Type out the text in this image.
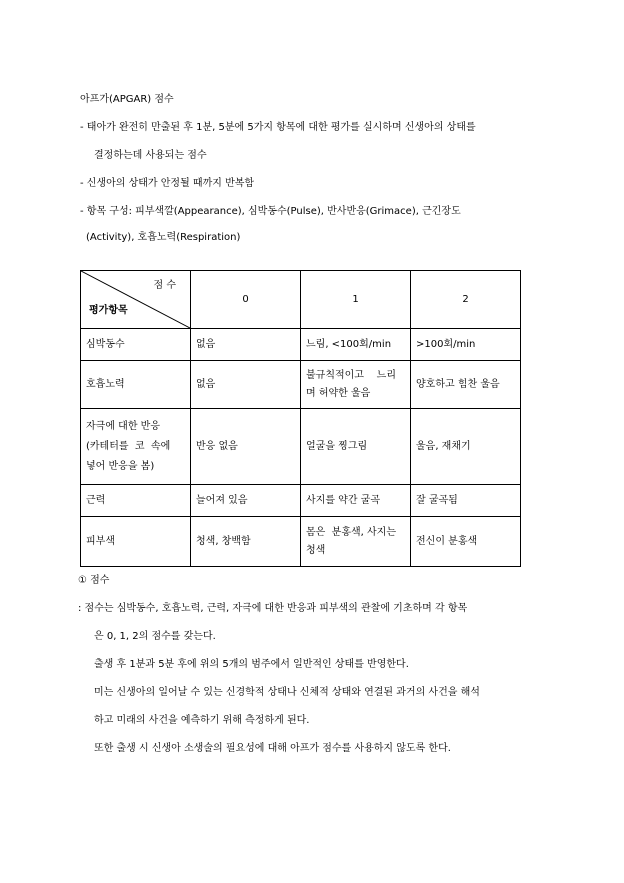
아프가(APGAR) 점수
- 태아가 완전히 만출된 후 1분, 5분에 5가지 항목에 대한 평가를 실시하며 신생아의 상태를
결정하는데 사용되는 점수
- 신생아의 상태가 안정될 때까지 반복함
- 항목 구성: 피부색깔(Appearance), 심박동수(Pulse), 반사반응(Grimace), 근긴장도
(Activity), 호흡노력(Respiration)
점 수
평가항목	0	1	2
심박동수	없음	느림, <100회/min	>100회/min
호흡노력	없음	불규칙적이고    느리
며 허약한 울음	양호하고 힘찬 울음

자극에 대한 반응
(카테터를  코  속에
넣어 반응을 봄)	반응 없음	얼굴을 찡그림	울음, 재채기
근력	늘어져 있음	사지를 약간 굴곡	잘 굴곡됨
피부색	청색, 창백함	몸은  분홍색, 사지는
청색	전신이 분홍색
① 점수
: 점수는 심박동수, 호흡노력, 근력, 자극에 대한 반응과 피부색의 관찰에 기초하며 각 항목
은 0, 1, 2의 점수를 갖는다.
출생 후 1분과 5분 후에 위의 5개의 범주에서 일반적인 상태를 반영한다.
미는 신생아의 일어날 수 있는 신경학적 상태나 신체적 상태와 연결된 과거의 사건을 해석
하고 미래의 사건을 예측하기 위해 측정하게 된다.
또한 출생 시 신생아 소생술의 필요성에 대해 아프가 점수를 사용하지 않도록 한다.
